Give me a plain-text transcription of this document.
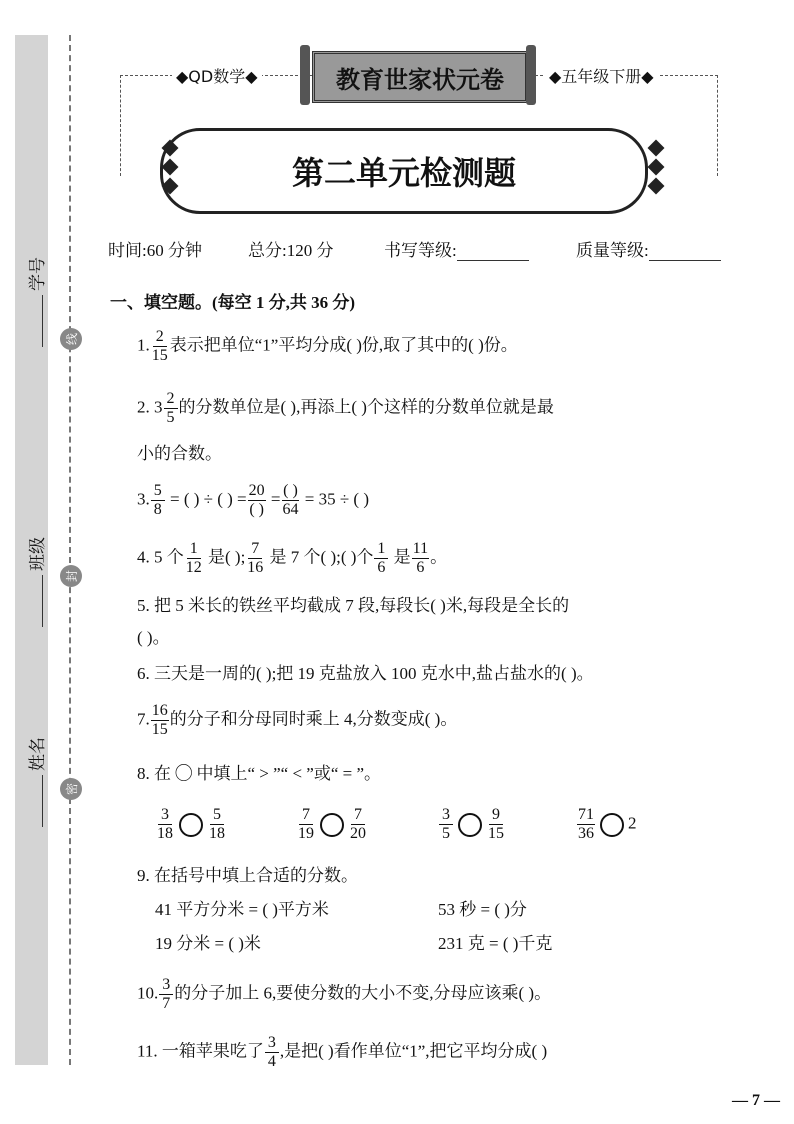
学号
班级
姓名
线
封
密
◆QD数学◆	◆五年级下册◆
教育世家状元卷
第二单元检测题
时间:60 分钟	总分:120 分	书写等级:	质量等级:
一、填空题。(每空 1 分,共 36 分)
1. $\frac{2}{15}$ 表示把单位“1”平均分成( )份,取了其中的( )份。
2. $3 \frac{2}{5}$ 的分数单位是( ),再添上( )个这样的分数单位就是最
小的合数。
3. $\frac{5}{8}$ = ( ) ÷ ( ) = $\frac{20}{( )} = \frac{( )}{64} = 35$ ÷ ( )
4. 5 个 $\frac{1}{12}$ 是( ); $\frac{7}{16}$ 是 7 个( );( )个 $\frac{1}{6}$ 是 $\frac{11}{6}$ 。
5. 把 5 米长的铁丝平均截成 7 段,每段长( )米,每段是全长的
( )。
6. 三天是一周的( );把 19 克盐放入 100 克水中,盐占盐水的( )。
7. $\frac{16}{15}$ 的分子和分母同时乘上 4,分数变成( )。
8. 在 ◯ 中填上“ > ”“ < ”或“ = ”。
$\frac{3}{18} \frac{5}{18}$	$\frac{7}{19} \frac{7}{20}$	$\frac{3}{5} \frac{9}{15}$	$\frac{71}{36} 2$
9. 在括号中填上合适的分数。
41 平方分米 = ( )平方米	53 秒 = ( )分
19 分米 = ( )米	231 克 = ( )千克
10. $\frac{3}{7}$ 的分子加上 6,要使分数的大小不变,分母应该乘( )。
11. 一箱苹果吃了 $\frac{3}{4}$ ,是把( )看作单位“1”,把它平均分成( )
— 7 —
